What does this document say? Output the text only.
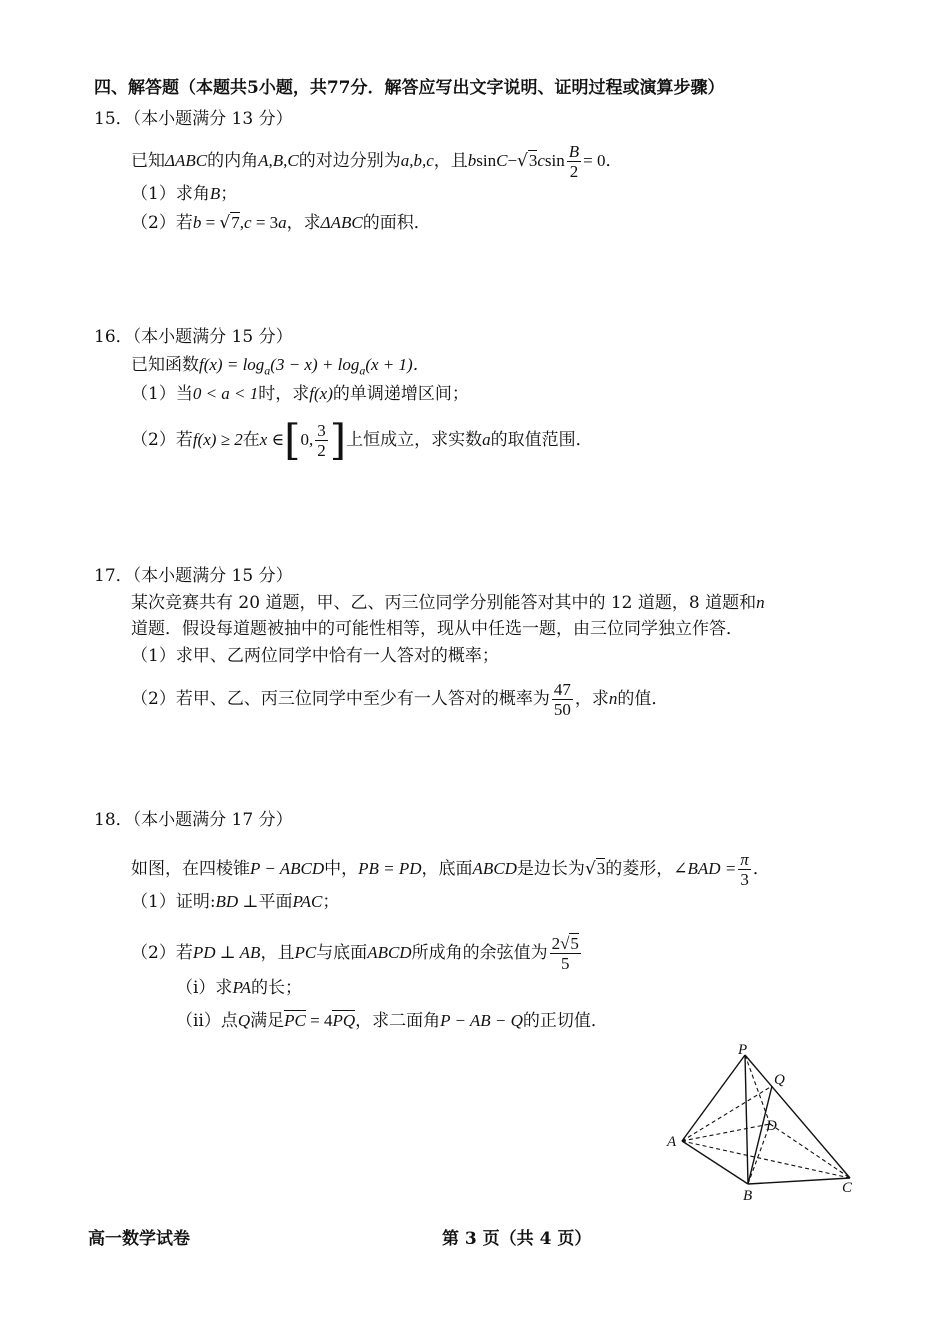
四、解答题（本题共5小题，共77分．解答应写出文字说明、证明过程或演算步骤）
15．（本小题满分 13 分）
已知ΔABC的内角A,B,C的对边分别为a,b,c，且$bsinC-√3csin \frac{B}{2} = 0$．
（1）求角B；
（2）若b = √7,c = 3a，求ΔABC的面积．
16．（本小题满分 15 分）
已知函数$f(x) = \log_a(3 - x) + \log_a(x + 1)$．
（1）当0 < a < 1时，求f(x)的单调递增区间；
（2）若f(x) ≥ 2在x ∈[0, $\frac{3}{2}$ ]上恒成立，求实数a的取值范围．
17．（本小题满分 15 分）
某次竞赛共有 20 道题，甲、乙、丙三位同学分别能答对其中的 12 道题，8 道题和n
道题．假设每道题被抽中的可能性相等，现从中任选一题，由三位同学独立作答．
（1）求甲、乙两位同学中恰有一人答对的概率；
（2）若甲、乙、丙三位同学中至少有一人答对的概率为 $\frac{47}{50}$ ，求n的值．
18．（本小题满分 17 分）
如图，在四棱锥P − ABCD中，PB = PD，底面ABCD是边长为√3的菱形，∠BAD = $\frac{\pi}{3}$ ．
（1）证明:BD ⊥平面PAC；
（2）若PD ⊥ AB，且PC与底面ABCD所成角的余弦值为 $\frac{2√5}{5}$
（ⅰ）求PA的长；
（ⅱ）点Q满足PC = 4PQ，求二面角P − AB − Q的正切值．
P
Q
A
D
B	C
高一数学试卷	第 3 页（共 4 页）
